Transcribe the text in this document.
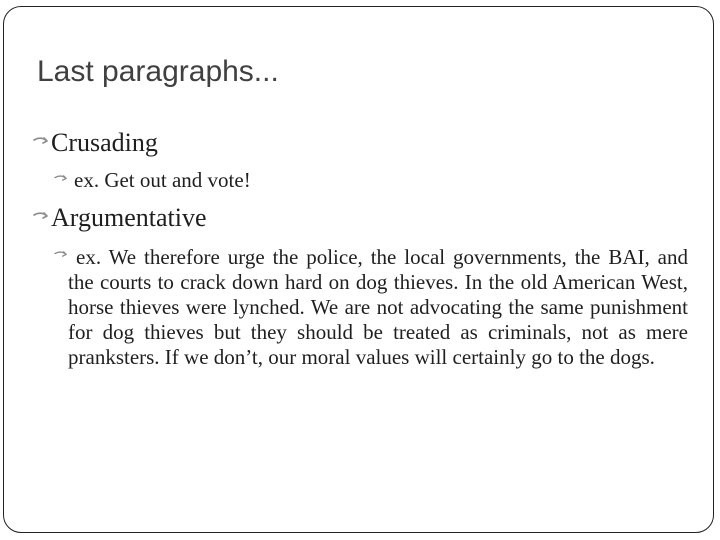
Last paragraphs...
Crusading
ex. Get out and vote!
Argumentative
ex. We therefore urge the police, the local governments, the BAI, and the courts to crack down hard on dog thieves. In the old American West, horse thieves were lynched. We are not advocating the same punishment for dog thieves but they should be treated as criminals, not as mere pranksters. If we don’t, our moral values will certainly go to the dogs.
